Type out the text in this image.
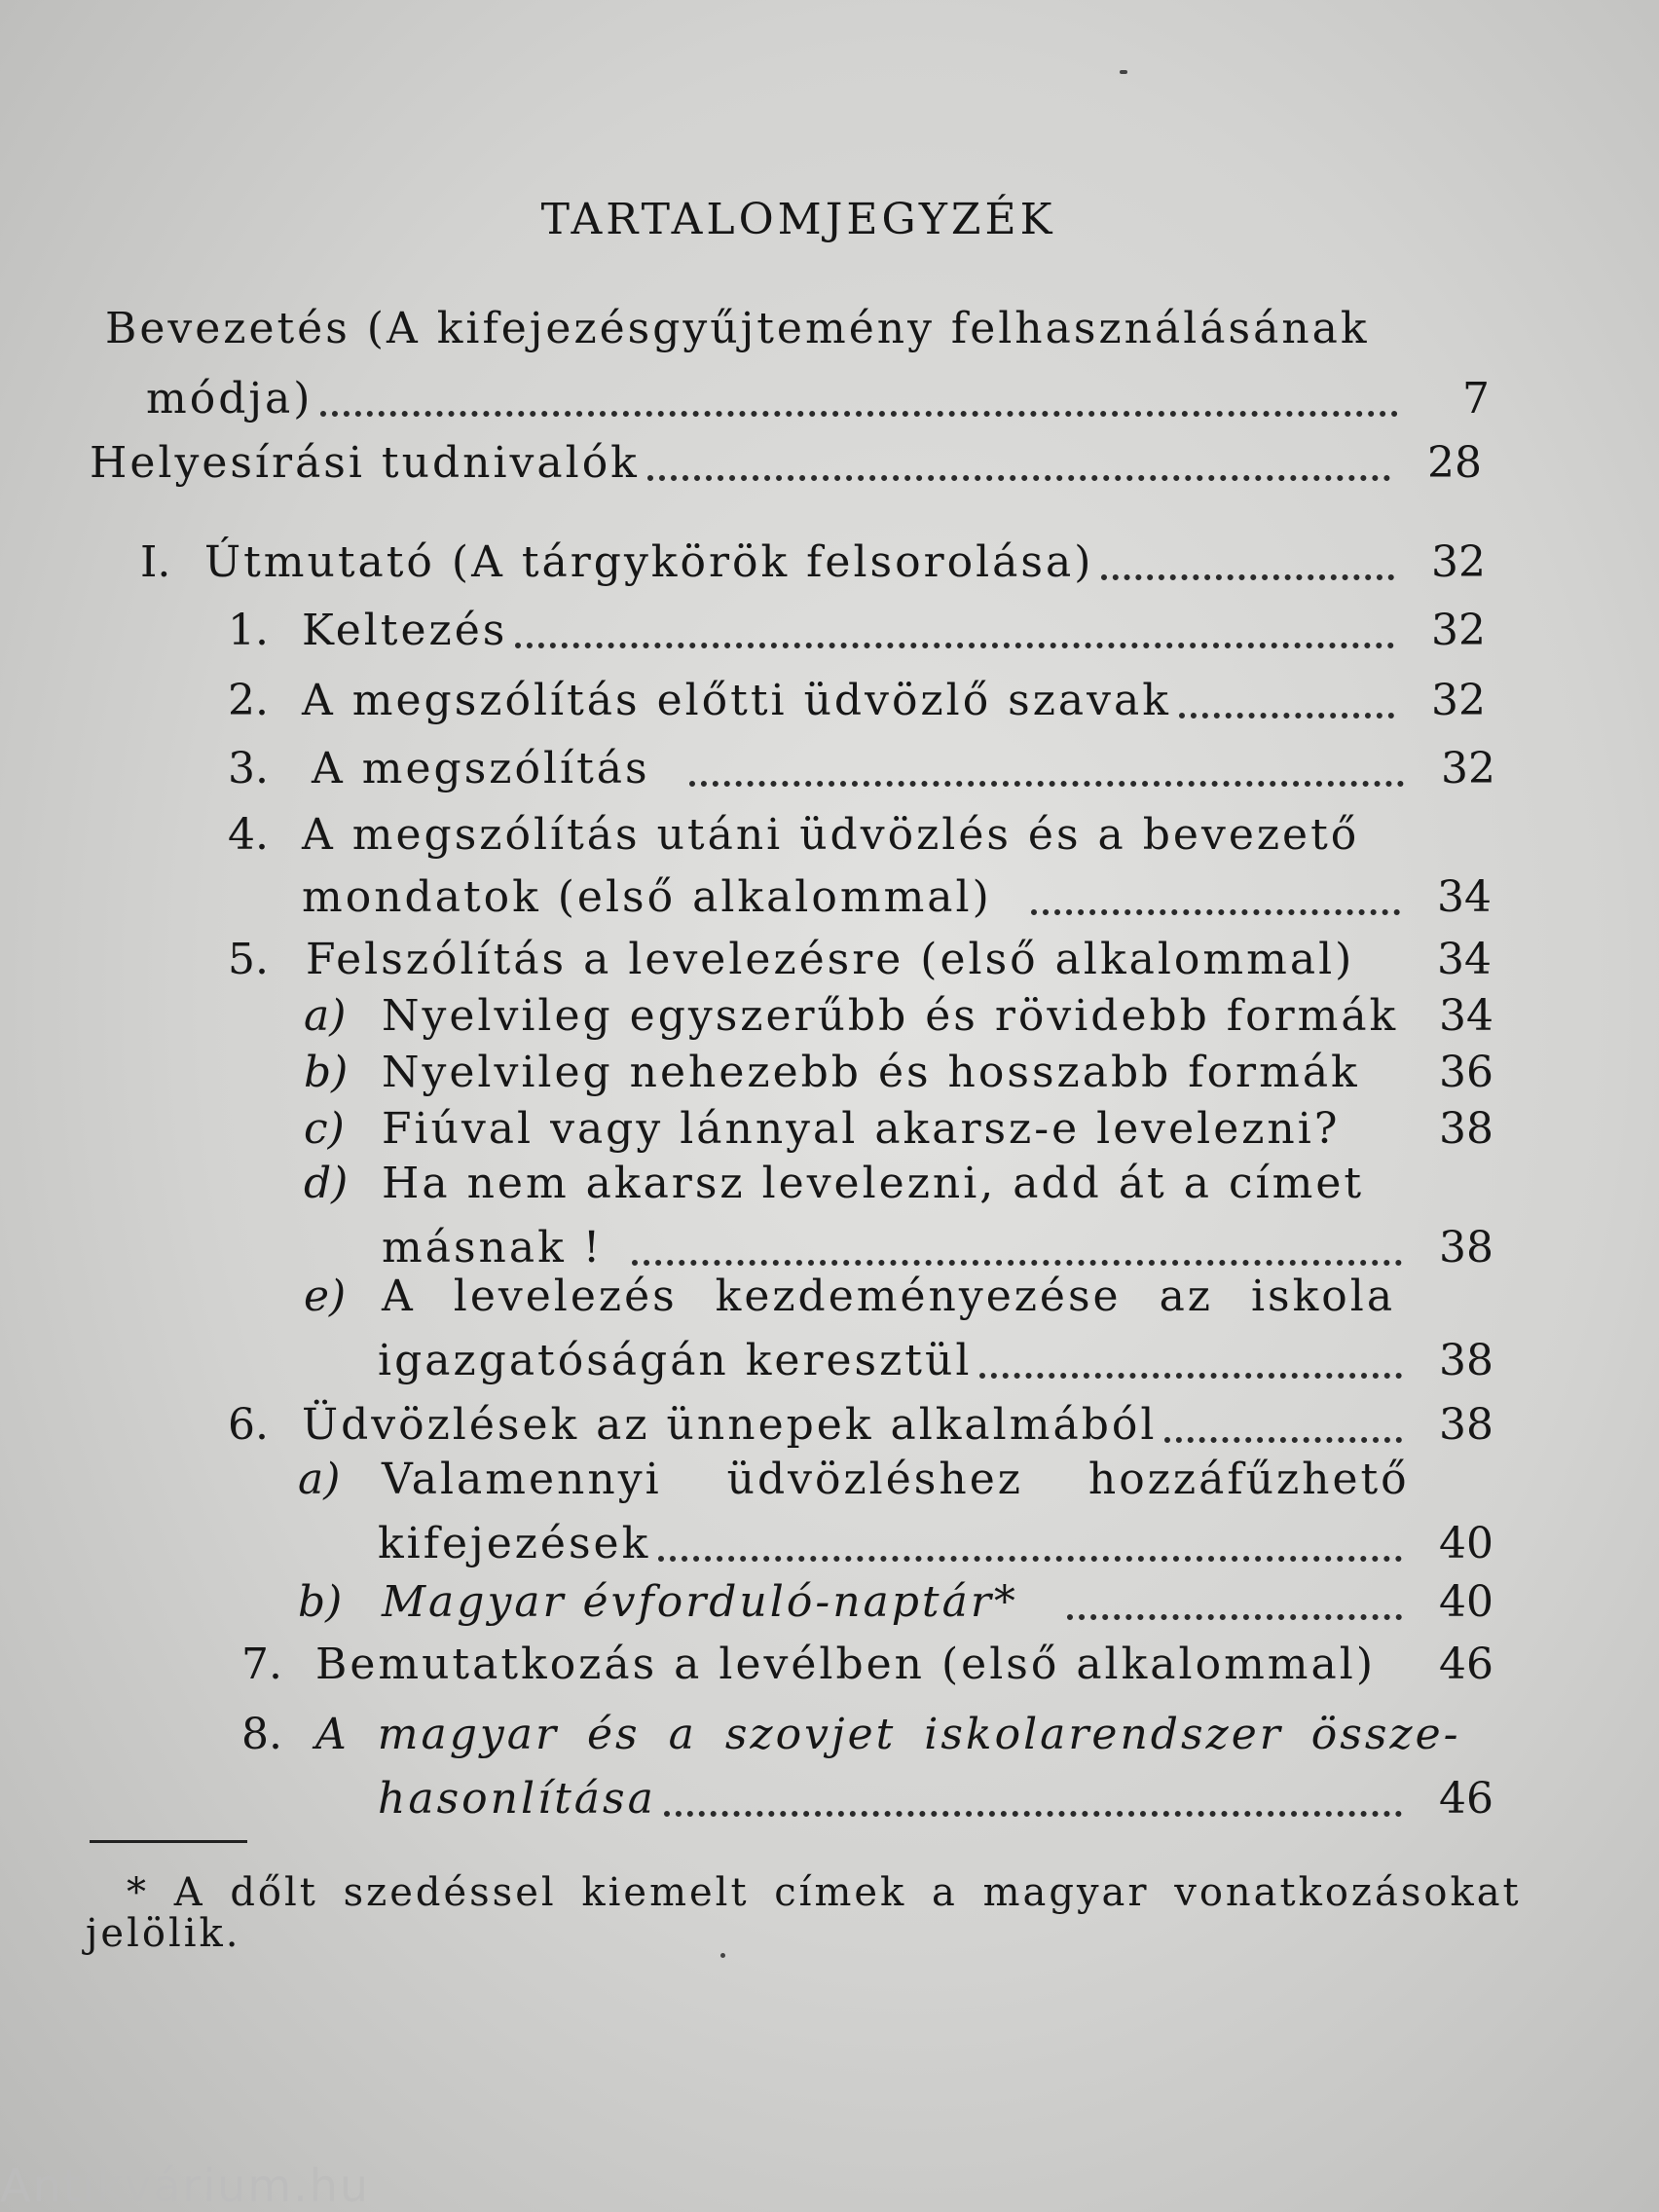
TARTALOMJEGYZÉK
Bevezetés (A kifejezésgyűjtemény felhasználásának
módja)	7
Helyesírási tudnivalók	28
I. Útmutató (A tárgykörök felsorolása)	32
1. Keltezés	32
2. A megszólítás előtti üdvözlő szavak	32
3.	A megszólítás	32
4. A megszólítás utáni üdvözlés és a bevezető
mondatok (első alkalommal)	34
5. Felszólítás a levelezésre (első alkalommal)	34
a) Nyelvileg egyszerűbb és rövidebb formák 34
b) Nyelvileg nehezebb és hosszabb formák	36
c) Fiúval vagy lánnyal akarsz-e levelezni?	38
d) Ha nem akarsz levelezni, add át a címet
másnak !	38
e) A levelezés kezdeményezése az iskola
igazgatóságán keresztül	38
6. Üdvözlések az ünnepek alkalmából	38
a) Valamennyi üdvözléshez hozzáfűzhető
kifejezések	40
b) Magyar évforduló-naptár*	40
7. Bemutatkozás a levélben (első alkalommal)	46
8. A magyar és a szovjet iskolarendszer össze-
hasonlítása	46
* A dőlt szedéssel kiemelt címek a magyar vonatkozásokat
jelölik.
Antikvárium.hu
